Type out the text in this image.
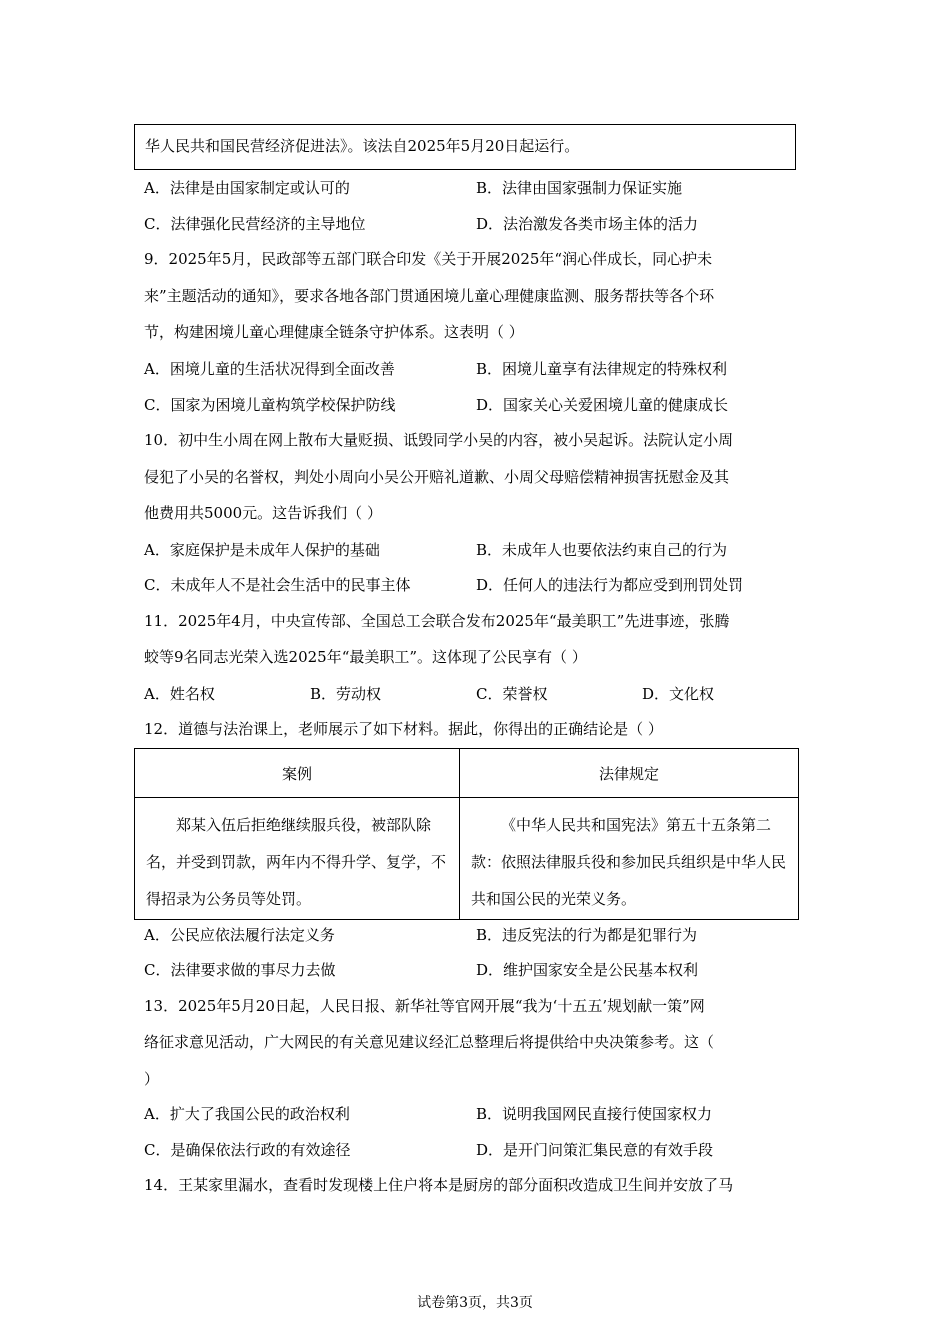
华人民共和国民营经济促进法》。该法自2025年5月20日起运行。
A．法律是由国家制定或认可的	B．法律由国家强制力保证实施
C．法律强化民营经济的主导地位	D．法治激发各类市场主体的活力
9．2025年5月，民政部等五部门联合印发《关于开展2025年“润心伴成长，同心护未
来”主题活动的通知》，要求各地各部门贯通困境儿童心理健康监测、服务帮扶等各个环
节，构建困境儿童心理健康全链条守护体系。这表明（ ）
A．困境儿童的生活状况得到全面改善	B．困境儿童享有法律规定的特殊权利
C．国家为困境儿童构筑学校保护防线	D．国家关心关爱困境儿童的健康成长
10．初中生小周在网上散布大量贬损、诋毁同学小吴的内容，被小吴起诉。法院认定小周
侵犯了小吴的名誉权，判处小周向小吴公开赔礼道歉、小周父母赔偿精神损害抚慰金及其
他费用共5000元。这告诉我们（ ）
A．家庭保护是未成年人保护的基础	B．未成年人也要依法约束自己的行为
C．未成年人不是社会生活中的民事主体	D．任何人的违法行为都应受到刑罚处罚
11．2025年4月，中央宣传部、全国总工会联合发布2025年“最美职工”先进事迹，张腾
蛟等9名同志光荣入选2025年“最美职工”。这体现了公民享有（ ）
A．姓名权	B．劳动权	C．荣誉权	D．文化权
12．道德与法治课上，老师展示了如下材料。据此，你得出的正确结论是（ ）
案例	法律规定

郑某入伍后拒绝继续服兵役，被部队除名，并受到罚款，两年内不得升学、复学，不得招录为公务员等处罚。	《中华人民共和国宪法》第五十五条第二款：依照法律服兵役和参加民兵组织是中华人民共和国公民的光荣义务。
A．公民应依法履行法定义务	B．违反宪法的行为都是犯罪行为
C．法律要求做的事尽力去做	D．维护国家安全是公民基本权利
13．2025年5月20日起，人民日报、新华社等官网开展“我为‘十五五’规划献一策”网
络征求意见活动，广大网民的有关意见建议经汇总整理后将提供给中央决策参考。这（
）
A．扩大了我国公民的政治权利	B．说明我国网民直接行使国家权力
C．是确保依法行政的有效途径	D．是开门问策汇集民意的有效手段
14．王某家里漏水，查看时发现楼上住户将本是厨房的部分面积改造成卫生间并安放了马
试卷第3页，共3页
